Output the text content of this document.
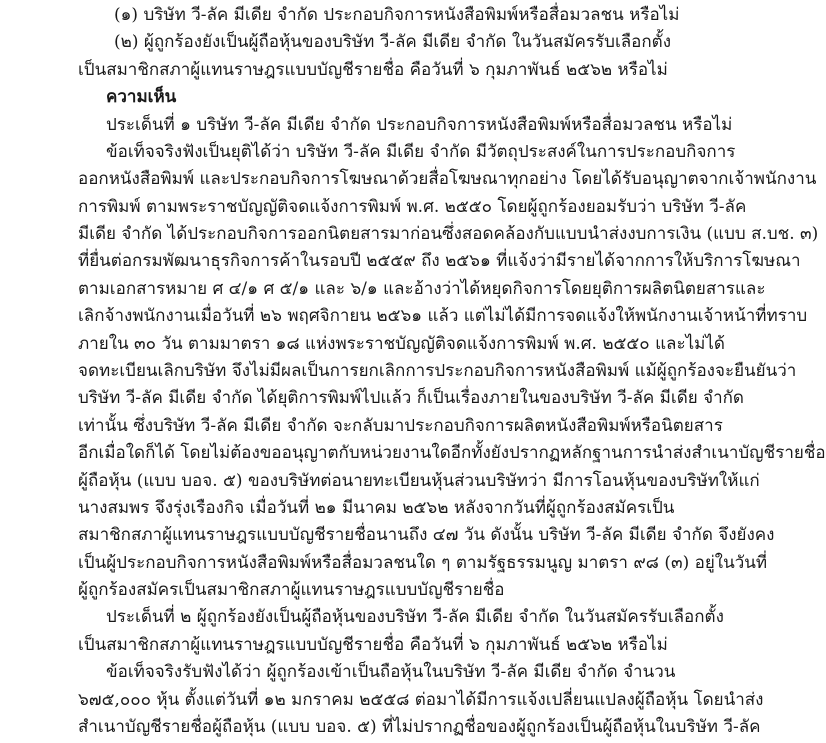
(๑) บริษัท วี-ลัค มีเดีย จำกัด ประกอบกิจการหนังสือพิมพ์หรือสื่อมวลชน หรือไม่
(๒) ผู้ถูกร้องยังเป็นผู้ถือหุ้นของบริษัท วี-ลัค มีเดีย จำกัด ในวันสมัครรับเลือกตั้ง
เป็นสมาชิกสภาผู้แทนราษฎรแบบบัญชีรายชื่อ คือวันที่ ๖ กุมภาพันธ์ ๒๕๖๒ หรือไม่
ความเห็น
ประเด็นที่ ๑ บริษัท วี-ลัค มีเดีย จำกัด ประกอบกิจการหนังสือพิมพ์หรือสื่อมวลชน หรือไม่
ข้อเท็จจริงฟังเป็นยุติได้ว่า บริษัท วี-ลัค มีเดีย จำกัด มีวัตถุประสงค์ในการประกอบกิจการ
ออกหนังสือพิมพ์ และประกอบกิจการโฆษณาด้วยสื่อโฆษณาทุกอย่าง โดยได้รับอนุญาตจากเจ้าพนักงาน
การพิมพ์ ตามพระราชบัญญัติจดแจ้งการพิมพ์ พ.ศ. ๒๕๕๐ โดยผู้ถูกร้องยอมรับว่า บริษัท วี-ลัค
มีเดีย จำกัด ได้ประกอบกิจการออกนิตยสารมาก่อนซึ่งสอดคล้องกับแบบนำส่งงบการเงิน (แบบ ส.บช. ๓)
ที่ยื่นต่อกรมพัฒนาธุรกิจการค้าในรอบปี ๒๕๕๙ ถึง ๒๕๖๑ ที่แจ้งว่ามีรายได้จากการให้บริการโฆษณา
ตามเอกสารหมาย ศ ๔/๑ ศ ๕/๑ และ ๖/๑ และอ้างว่าได้หยุดกิจการโดยยุติการผลิตนิตยสารและ
เลิกจ้างพนักงานเมื่อวันที่ ๒๖ พฤศจิกายน ๒๕๖๑ แล้ว แต่ไม่ได้มีการจดแจ้งให้พนักงานเจ้าหน้าที่ทราบ
ภายใน ๓๐ วัน ตามมาตรา ๑๘ แห่งพระราชบัญญัติจดแจ้งการพิมพ์ พ.ศ. ๒๕๕๐ และไม่ได้
จดทะเบียนเลิกบริษัท จึงไม่มีผลเป็นการยกเลิกการประกอบกิจการหนังสือพิมพ์ แม้ผู้ถูกร้องจะยืนยันว่า
บริษัท วี-ลัค มีเดีย จำกัด ได้ยุติการพิมพ์ไปแล้ว ก็เป็นเรื่องภายในของบริษัท วี-ลัค มีเดีย จำกัด
เท่านั้น ซึ่งบริษัท วี-ลัค มีเดีย จำกัด จะกลับมาประกอบกิจการผลิตหนังสือพิมพ์หรือนิตยสาร
อีกเมื่อใดก็ได้ โดยไม่ต้องขออนุญาตกับหน่วยงานใดอีกทั้งยังปรากฏหลักฐานการนำส่งสำเนาบัญชีรายชื่อ
ผู้ถือหุ้น (แบบ บอจ. ๕) ของบริษัทต่อนายทะเบียนหุ้นส่วนบริษัทว่า มีการโอนหุ้นของบริษัทให้แก่
นางสมพร จึงรุ่งเรืองกิจ เมื่อวันที่ ๒๑ มีนาคม ๒๕๖๒ หลังจากวันที่ผู้ถูกร้องสมัครเป็น
สมาชิกสภาผู้แทนราษฎรแบบบัญชีรายชื่อนานถึง ๔๗ วัน ดังนั้น บริษัท วี-ลัค มีเดีย จำกัด จึงยังคง
เป็นผู้ประกอบกิจการหนังสือพิมพ์หรือสื่อมวลชนใด ๆ ตามรัฐธรรมนูญ มาตรา ๙๘ (๓) อยู่ในวันที่
ผู้ถูกร้องสมัครเป็นสมาชิกสภาผู้แทนราษฎรแบบบัญชีรายชื่อ
ประเด็นที่ ๒ ผู้ถูกร้องยังเป็นผู้ถือหุ้นของบริษัท วี-ลัค มีเดีย จำกัด ในวันสมัครรับเลือกตั้ง
เป็นสมาชิกสภาผู้แทนราษฎรแบบบัญชีรายชื่อ คือวันที่ ๖ กุมภาพันธ์ ๒๕๖๒ หรือไม่
ข้อเท็จจริงรับฟังได้ว่า ผู้ถูกร้องเข้าเป็นถือหุ้นในบริษัท วี-ลัค มีเดีย จำกัด จำนวน
๖๗๕,๐๐๐ หุ้น ตั้งแต่วันที่ ๑๒ มกราคม ๒๕๕๘ ต่อมาได้มีการแจ้งเปลี่ยนแปลงผู้ถือหุ้น โดยนำส่ง
สำเนาบัญชีรายชื่อผู้ถือหุ้น (แบบ บอจ. ๕) ที่ไม่ปรากฏชื่อของผู้ถูกร้องเป็นผู้ถือหุ้นในบริษัท วี-ลัค
